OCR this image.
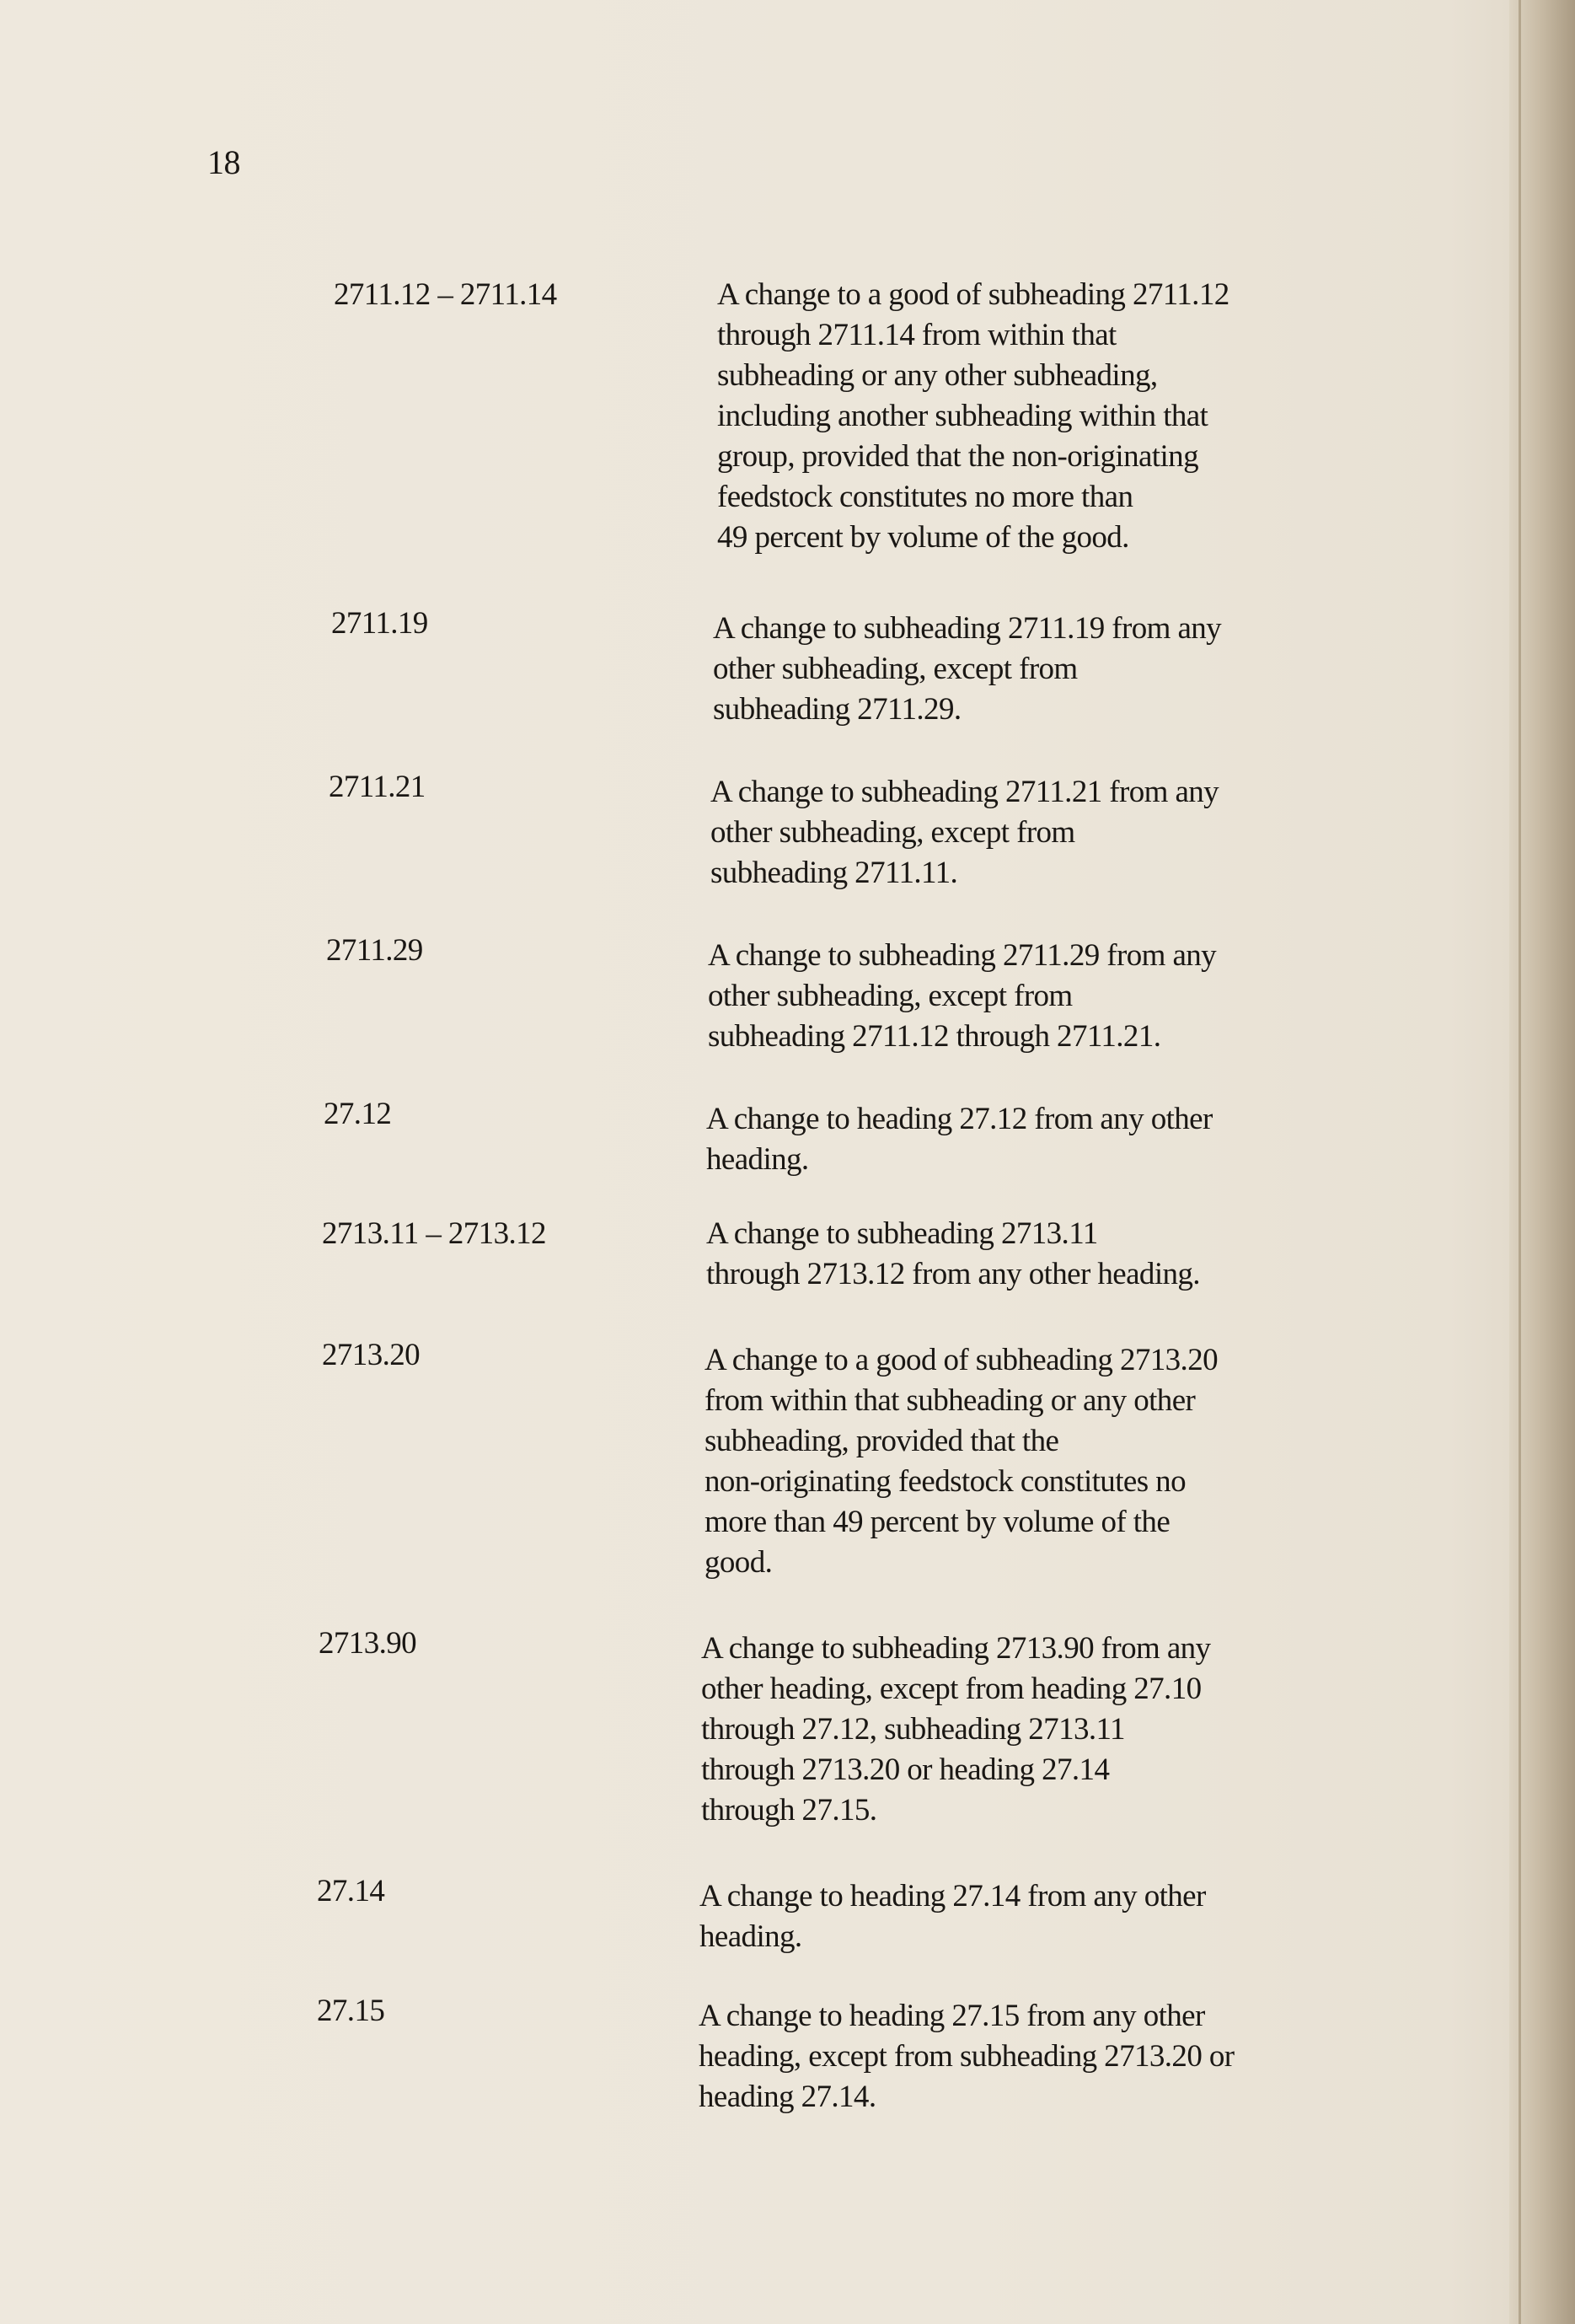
18
2711.12 – 2711.14	A change to a good of subheading 2711.12
through 2711.14 from within that
subheading or any other subheading,
including another subheading within that
group, provided that the non-originating
feedstock constitutes no more than
49 percent by volume of the good.
2711.19	A change to subheading 2711.19 from any
other subheading, except from
subheading 2711.29.
2711.21	A change to subheading 2711.21 from any
other subheading, except from
subheading 2711.11.
2711.29	A change to subheading 2711.29 from any
other subheading, except from
subheading 2711.12 through 2711.21.
27.12	A change to heading 27.12 from any other
heading.
2713.11 – 2713.12	A change to subheading 2713.11
through 2713.12 from any other heading.
2713.20	A change to a good of subheading 2713.20
from within that subheading or any other
subheading, provided that the
non-originating feedstock constitutes no
more than 49 percent by volume of the
good.
2713.90	A change to subheading 2713.90 from any
other heading, except from heading 27.10
through 27.12, subheading 2713.11
through 2713.20 or heading 27.14
through 27.15.
27.14	A change to heading 27.14 from any other
heading.
27.15	A change to heading 27.15 from any other
heading, except from subheading 2713.20 or
heading 27.14.
